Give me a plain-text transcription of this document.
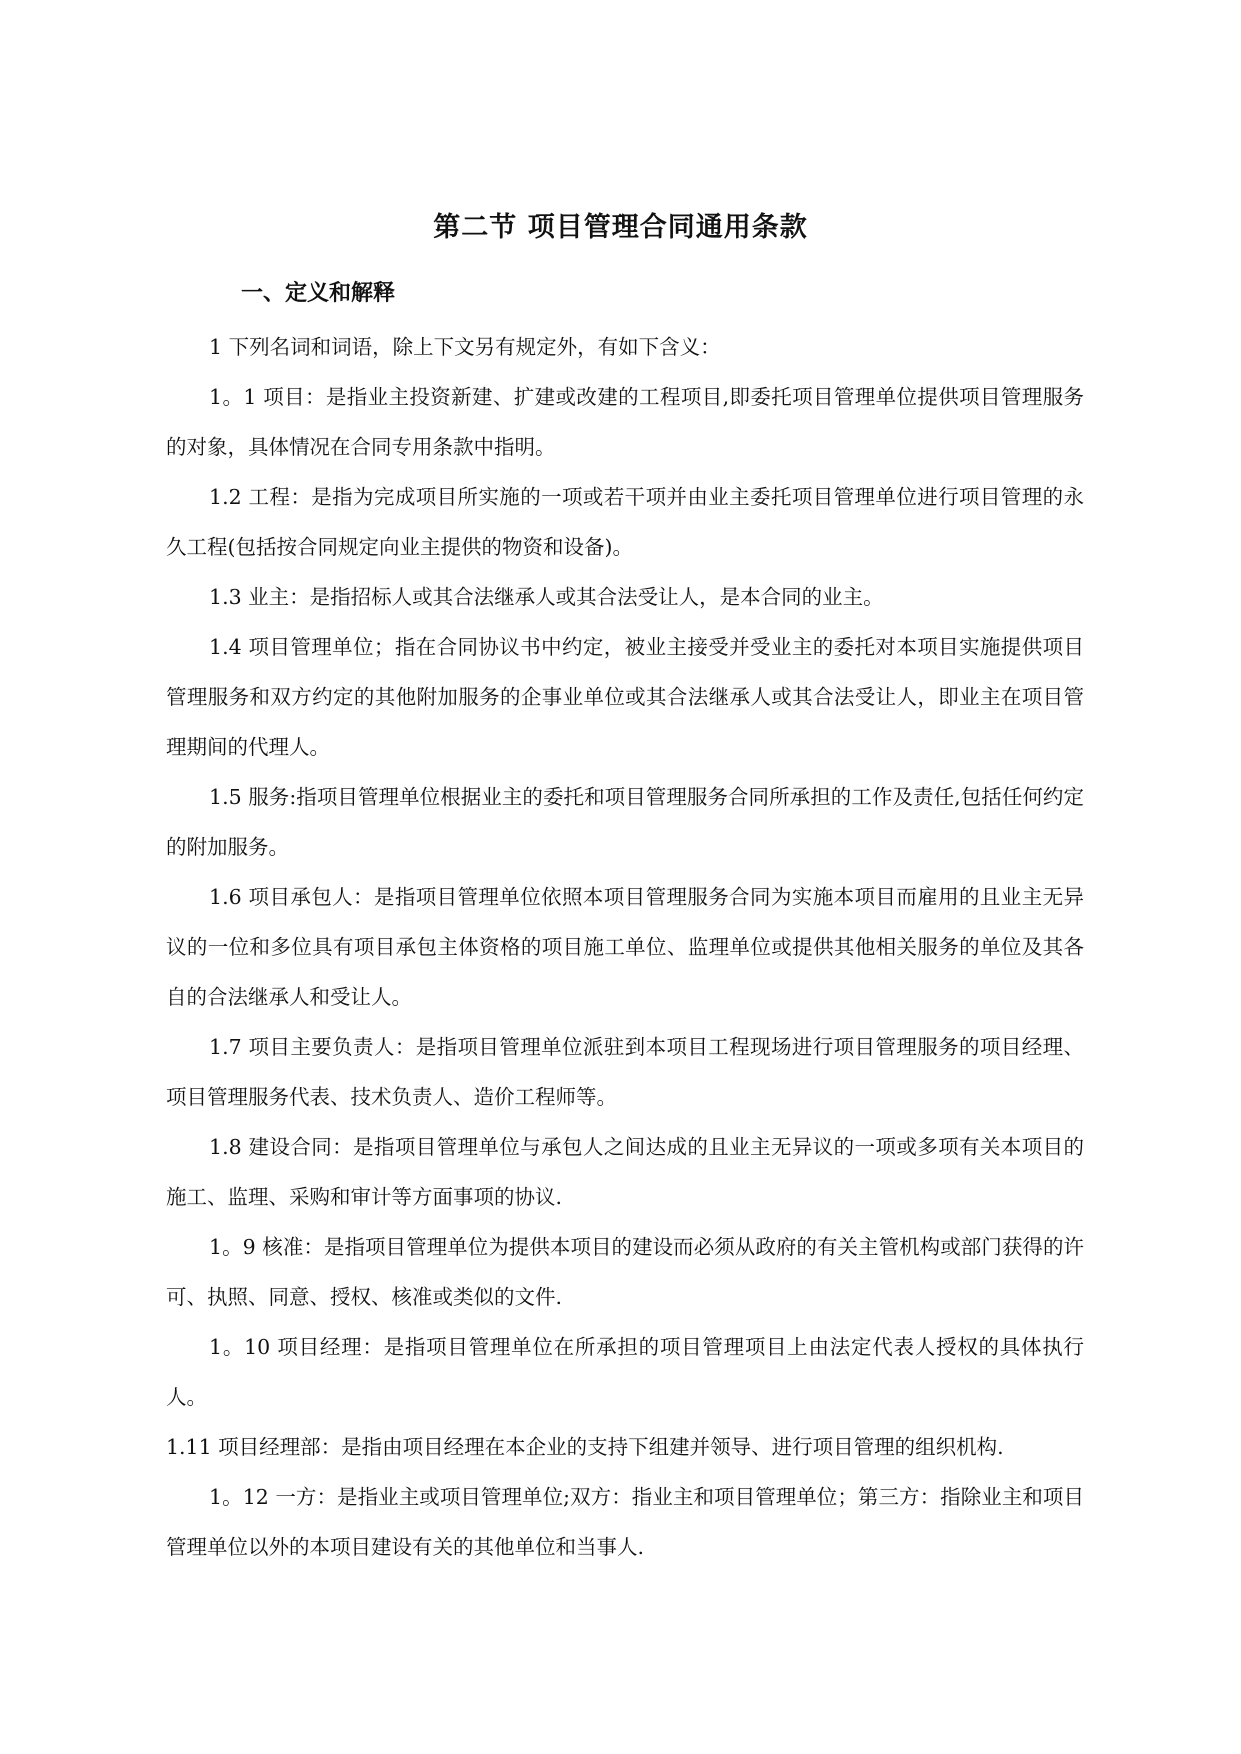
第二节 项目管理合同通用条款
一、定义和解释

1 下列名词和词语，除上下文另有规定外，有如下含义：

1。1 项目：是指业主投资新建、扩建或改建的工程项目,即委托项目管理单位提供项目管理服务的对象，具体情况在合同专用条款中指明。

1.2 工程：是指为完成项目所实施的一项或若干项并由业主委托项目管理单位进行项目管理的永久工程(包括按合同规定向业主提供的物资和设备)。

1.3 业主：是指招标人或其合法继承人或其合法受让人，是本合同的业主。

1.4 项目管理单位；指在合同协议书中约定，被业主接受并受业主的委托对本项目实施提供项目管理服务和双方约定的其他附加服务的企事业单位或其合法继承人或其合法受让人，即业主在项目管理期间的代理人。

1.5 服务:指项目管理单位根据业主的委托和项目管理服务合同所承担的工作及责任,包括任何约定的附加服务。

1.6 项目承包人：是指项目管理单位依照本项目管理服务合同为实施本项目而雇用的且业主无异议的一位和多位具有项目承包主体资格的项目施工单位、监理单位或提供其他相关服务的单位及其各自的合法继承人和受让人。

1.7 项目主要负责人：是指项目管理单位派驻到本项目工程现场进行项目管理服务的项目经理、项目管理服务代表、技术负责人、造价工程师等。

1.8 建设合同：是指项目管理单位与承包人之间达成的且业主无异议的一项或多项有关本项目的施工、监理、采购和审计等方面事项的协议.

1。9 核准：是指项目管理单位为提供本项目的建设而必须从政府的有关主管机构或部门获得的许可、执照、同意、授权、核准或类似的文件.

1。10 项目经理：是指项目管理单位在所承担的项目管理项目上由法定代表人授权的具体执行人。

1.11 项目经理部：是指由项目经理在本企业的支持下组建并领导、进行项目管理的组织机构.

1。12 一方：是指业主或项目管理单位;双方：指业主和项目管理单位；第三方：指除业主和项目管理单位以外的本项目建设有关的其他单位和当事人.
